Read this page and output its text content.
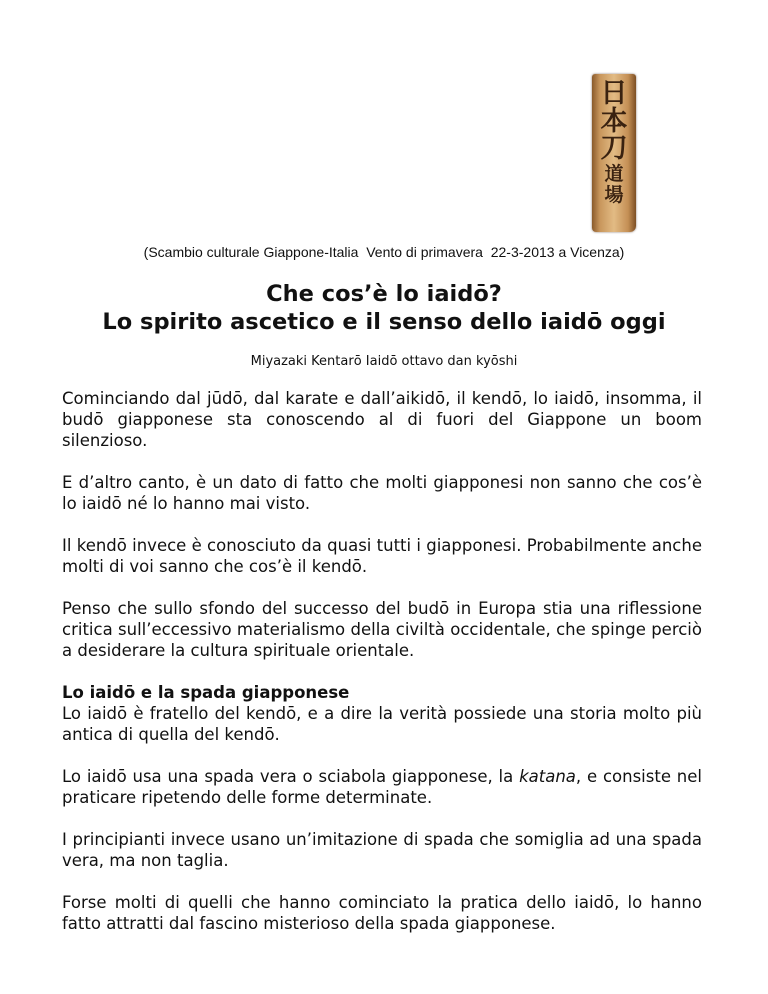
日
本
刀
道
場
(Scambio culturale Giappone-Italia  Vento di primavera  22-3-2013 a Vicenza)
Che cos’è lo iaidō?
Lo spirito ascetico e il senso dello iaidō oggi
Miyazaki Kentarō Iaidō ottavo dan kyōshi

Cominciando dal jūdō, dal karate e dall’aikidō, il kendō, lo iaidō, insomma, il budō giapponese sta conoscendo al di fuori del Giappone un boom silenzioso.

E d’altro canto, è un dato di fatto che molti giapponesi non sanno che cos’è lo iaidō né lo hanno mai visto.

Il kendō invece è conosciuto da quasi tutti i giapponesi. Probabilmente anche molti di voi sanno che cos’è il kendō.

Penso che sullo sfondo del successo del budō in Europa stia una riflessione critica sull’eccessivo materialismo della civiltà occidentale, che spinge perciò a desiderare la cultura spirituale orientale.

Lo iaidō e la spada giapponese

Lo iaidō è fratello del kendō, e a dire la verità possiede una storia molto più antica di quella del kendō.

Lo iaidō usa una spada vera o sciabola giapponese, la katana, e consiste nel praticare ripetendo delle forme determinate.

I principianti invece usano un’imitazione di spada che somiglia ad una spada vera, ma non taglia.

Forse molti di quelli che hanno cominciato la pratica dello iaidō, lo hanno fatto attratti dal fascino misterioso della spada giapponese.
